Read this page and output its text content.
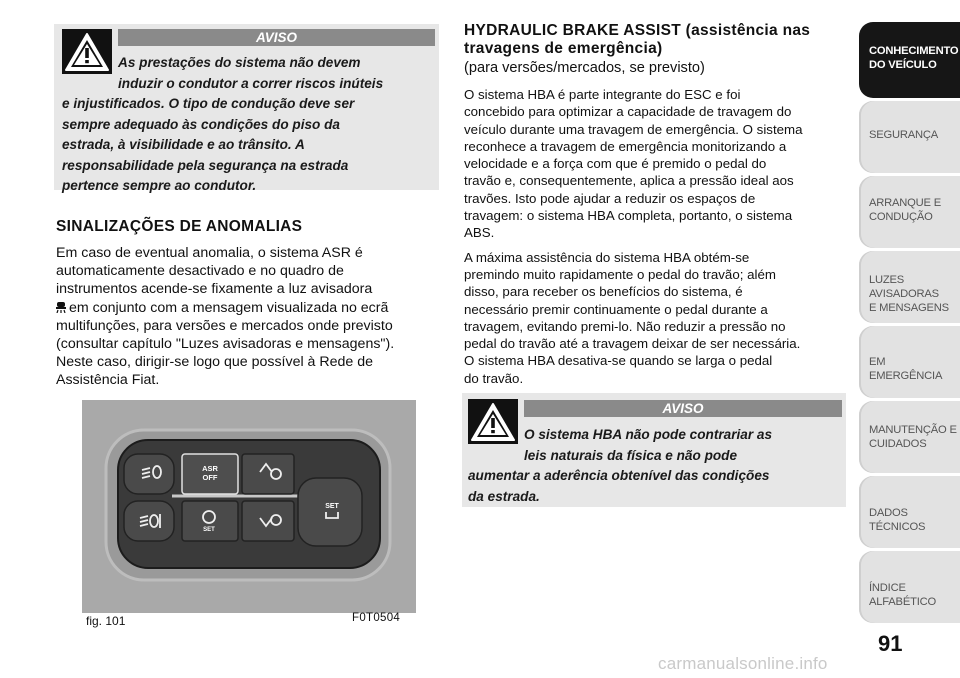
AVISO
As prestações do sistema não devem
induzir o condutor a correr riscos inúteis
e injustificados. O tipo de condução deve ser
sempre adequado às condições do piso da
estrada, à visibilidade e ao trânsito. A
responsabilidade pela segurança na estrada
pertence sempre ao condutor.
SINALIZAÇÕES DE ANOMALIAS
Em caso de eventual anomalia, o sistema ASR é
automaticamente desactivado e no quadro de
instrumentos acende-se fixamente a luz avisadora
em conjunto com a mensagem visualizada no ecrã
multifunções, para versões e mercados onde previsto
(consultar capítulo "Luzes avisadoras e mensagens").
Neste caso, dirigir-se logo que possível à Rede de
Assistência Fiat.
ASR
OFF
SET
SET
fig. 101	F0T0504
HYDRAULIC BRAKE ASSIST (assistência nas
travagens de emergência)
(para versões/mercados, se previsto)

O sistema HBA é parte integrante do ESC e foi
concebido para optimizar a capacidade de travagem do
veículo durante uma travagem de emergência. O sistema
reconhece a travagem de emergência monitorizando a
velocidade e a força com que é premido o pedal do
travão e, consequentemente, aplica a pressão ideal aos
travões. Isto pode ajudar a reduzir os espaços de
travagem: o sistema HBA completa, portanto, o sistema
ABS.

A máxima assistência do sistema HBA obtém-se
premindo muito rapidamente o pedal do travão; além
disso, para receber os benefícios do sistema, é
necessário premir continuamente o pedal durante a
travagem, evitando premi-lo. Não reduzir a pressão no
pedal do travão até a travagem deixar de ser necessária.
O sistema HBA desativa-se quando se larga o pedal
do travão.

AVISO
O sistema HBA não pode contrariar as
leis naturais da física e não pode
aumentar a aderência obtenível das condições
da estrada.
CONHECIMENTO
DO VEÍCULO
SEGURANÇA
ARRANQUE E
CONDUÇÃO
LUZES AVISADORAS
E MENSAGENS
EM EMERGÊNCIA
MANUTENÇÃO E
CUIDADOS
DADOS TÉCNICOS
ÍNDICE ALFABÉTICO
91
carmanualsonline.info
